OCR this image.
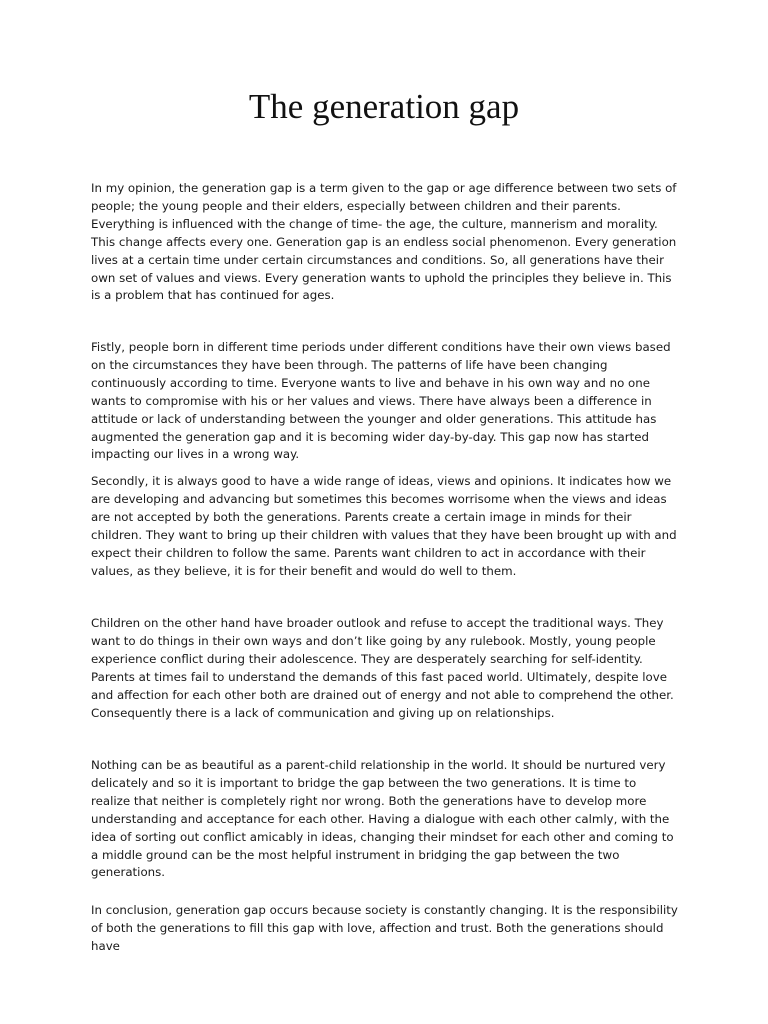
The generation gap

In my opinion, the generation gap is a term given to the gap or age difference between two sets of people; the young people and their elders, especially between children and their parents. Everything is influenced with the change of time- the age, the culture, mannerism and morality. This change affects every one. Generation gap is an endless social phenomenon. Every generation lives at a certain time under certain circumstances and conditions. So, all generations have their own set of values and views. Every generation wants to uphold the principles they believe in. This is a problem that has continued for ages.

Fistly, people born in different time periods under different conditions have their own views based on the circumstances they have been through. The patterns of life have been changing continuously according to time. Everyone wants to live and behave in his own way and no one wants to compromise with his or her values and views. There have always been a difference in attitude or lack of understanding between the younger and older generations. This attitude has augmented the generation gap and it is becoming wider day-by-day. This gap now has started impacting our lives in a wrong way.

Secondly, it is always good to have a wide range of ideas, views and opinions. It indicates how we are developing and advancing but sometimes this becomes worrisome when the views and ideas are not accepted by both the generations. Parents create a certain image in minds for their children. They want to bring up their children with values that they have been brought up with and expect their children to follow the same. Parents want children to act in accordance with their values, as they believe, it is for their benefit and would do well to them.

Children on the other hand have broader outlook and refuse to accept the traditional ways. They want to do things in their own ways and don’t like going by any rulebook. Mostly, young people experience conflict during their adolescence. They are desperately searching for self-identity. Parents at times fail to understand the demands of this fast paced world. Ultimately, despite love and affection for each other both are drained out of energy and not able to comprehend the other. Consequently there is a lack of communication and giving up on relationships.

Nothing can be as beautiful as a parent-child relationship in the world. It should be nurtured very delicately and so it is important to bridge the gap between the two generations. It is time to realize that neither is completely right nor wrong. Both the generations have to develop more understanding and acceptance for each other. Having a dialogue with each other calmly, with the idea of sorting out conflict amicably in ideas, changing their mindset for each other and coming to a middle ground can be the most helpful instrument in bridging the gap between the two generations.

In conclusion, generation gap occurs because society is constantly changing. It is the responsibility of both the generations to fill this gap with love, affection and trust. Both the generations should have
